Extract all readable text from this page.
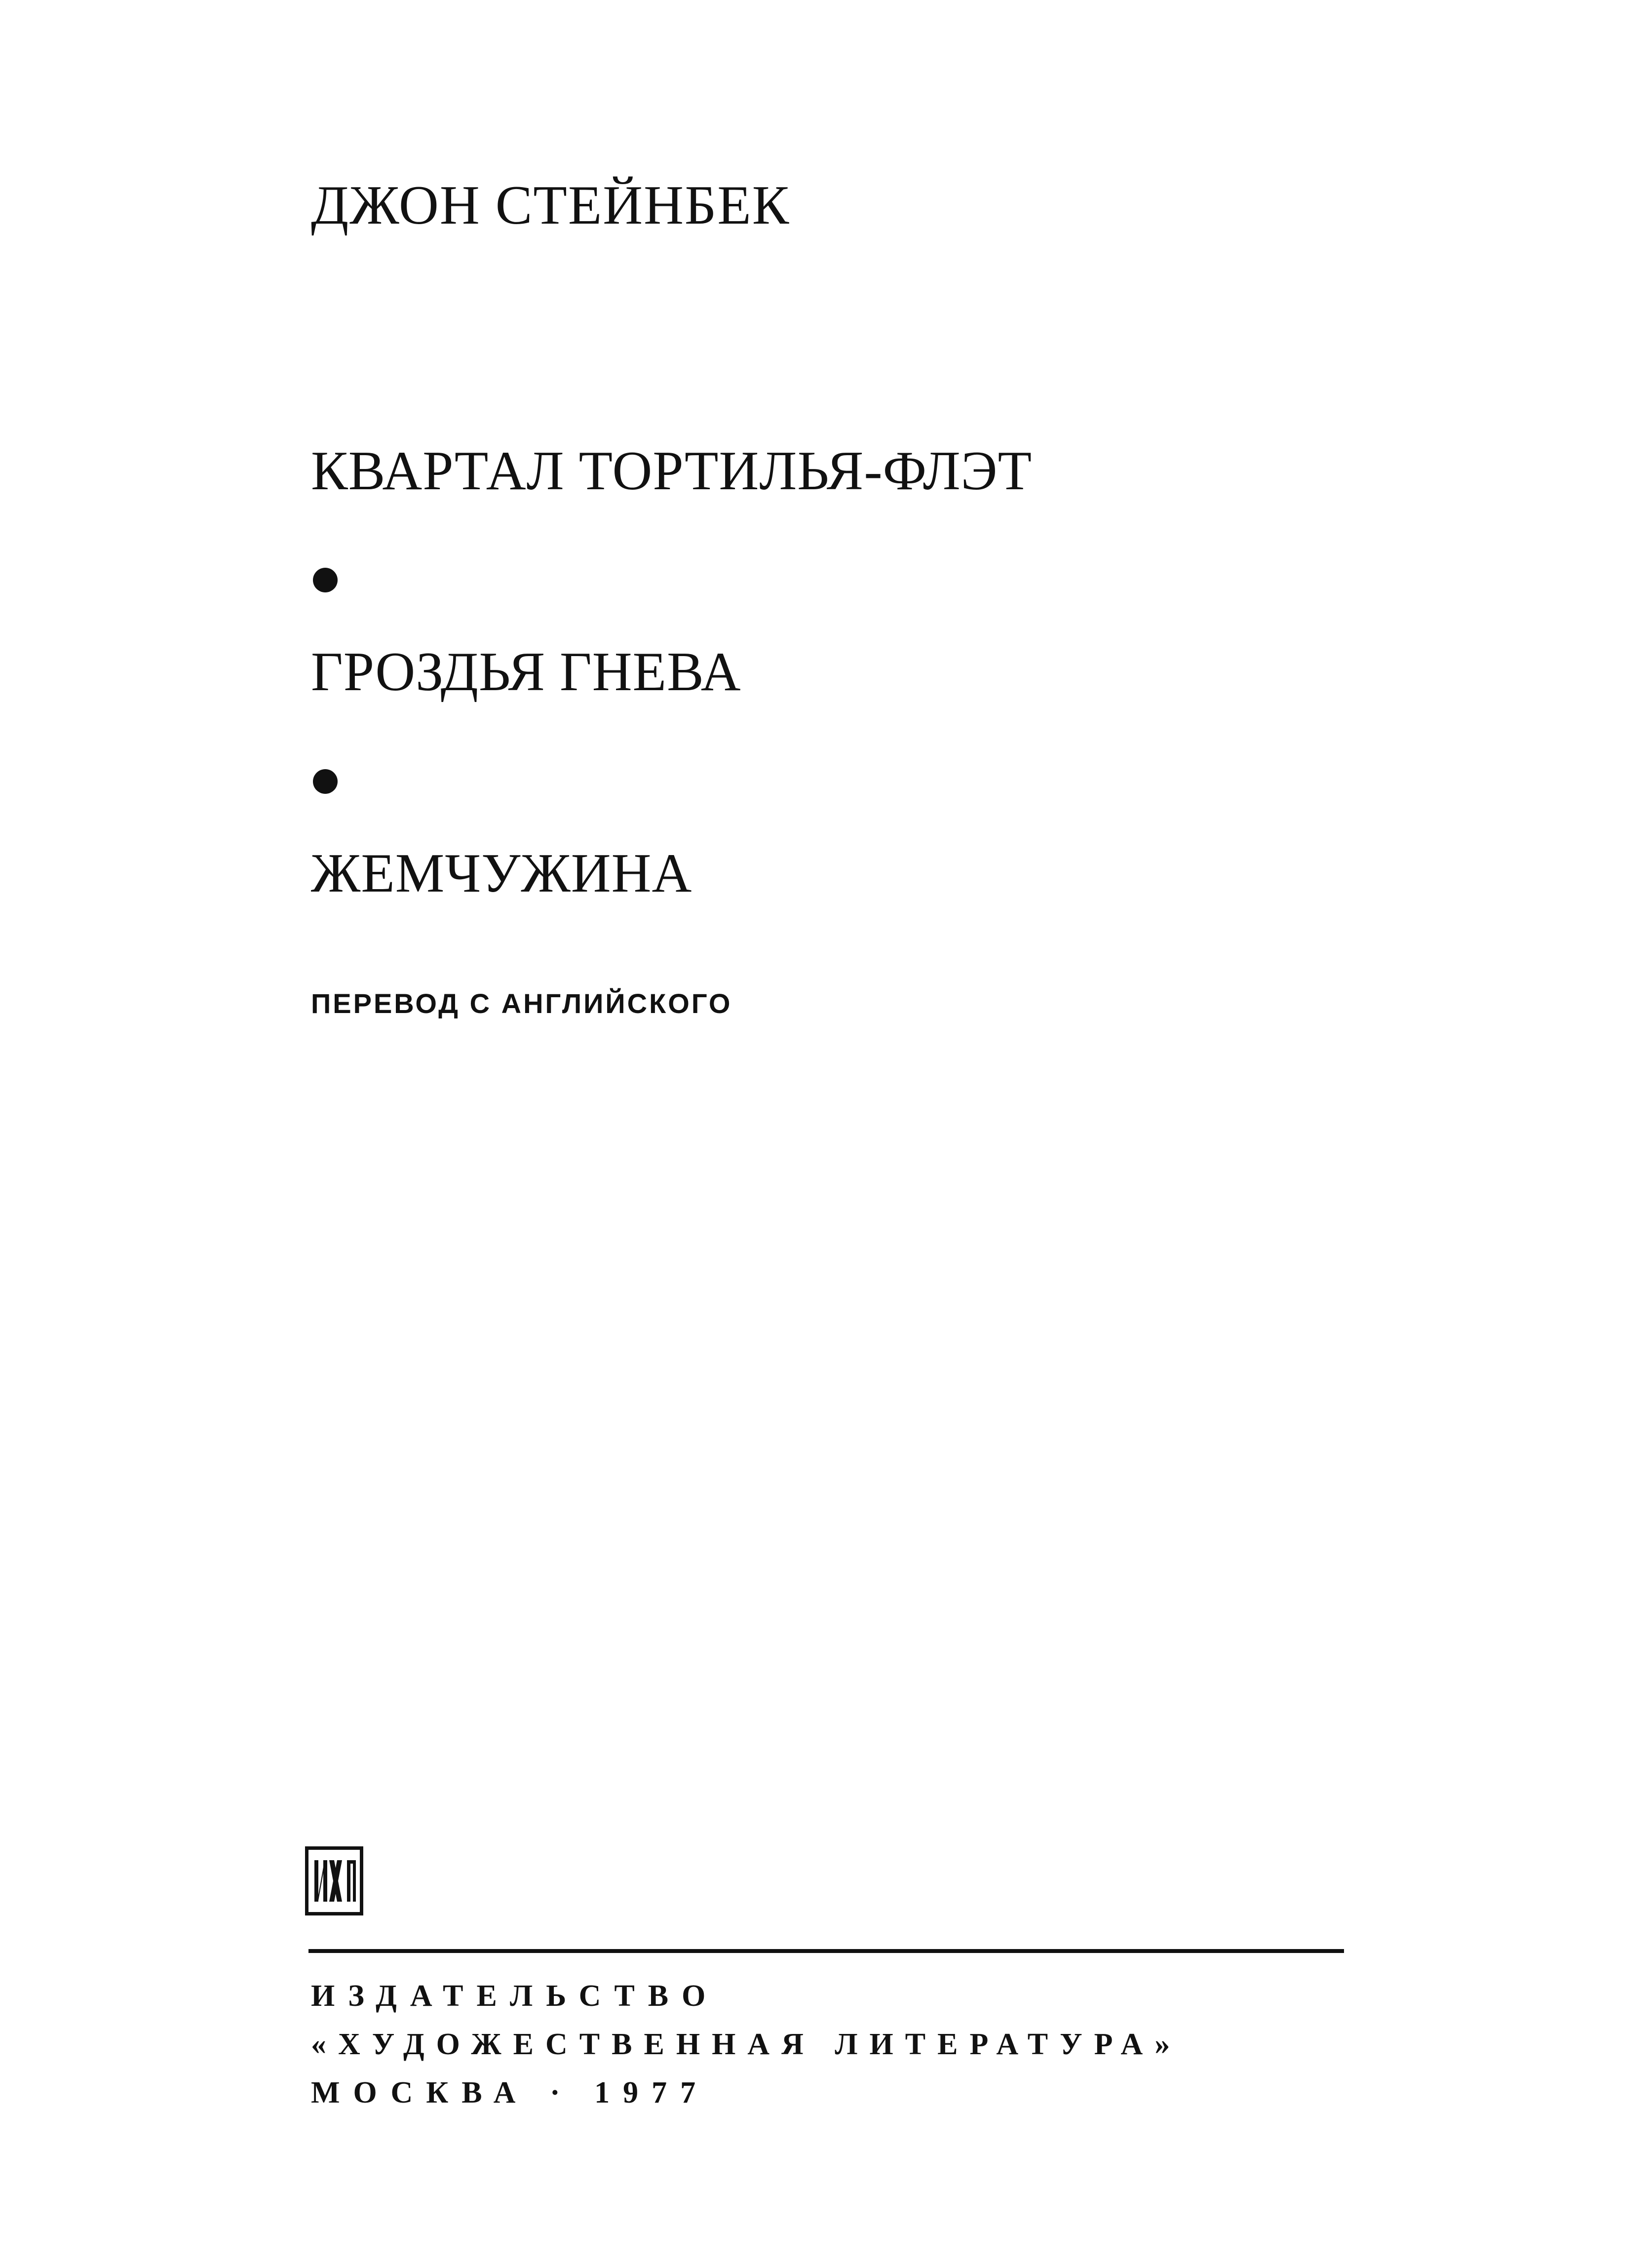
ДЖОН СТЕЙНБЕК
КВАРТАЛ ТОРТИЛЬЯ-ФЛЭТ
ГРОЗДЬЯ ГНЕВА
ЖЕМЧУЖИНА
ПЕРЕВОД С АНГЛИЙСКОГО
ИЗДАТЕЛЬСТВО
«ХУДОЖЕСТВЕННАЯ ЛИТЕРАТУРА»
МОСКВА · 1977
